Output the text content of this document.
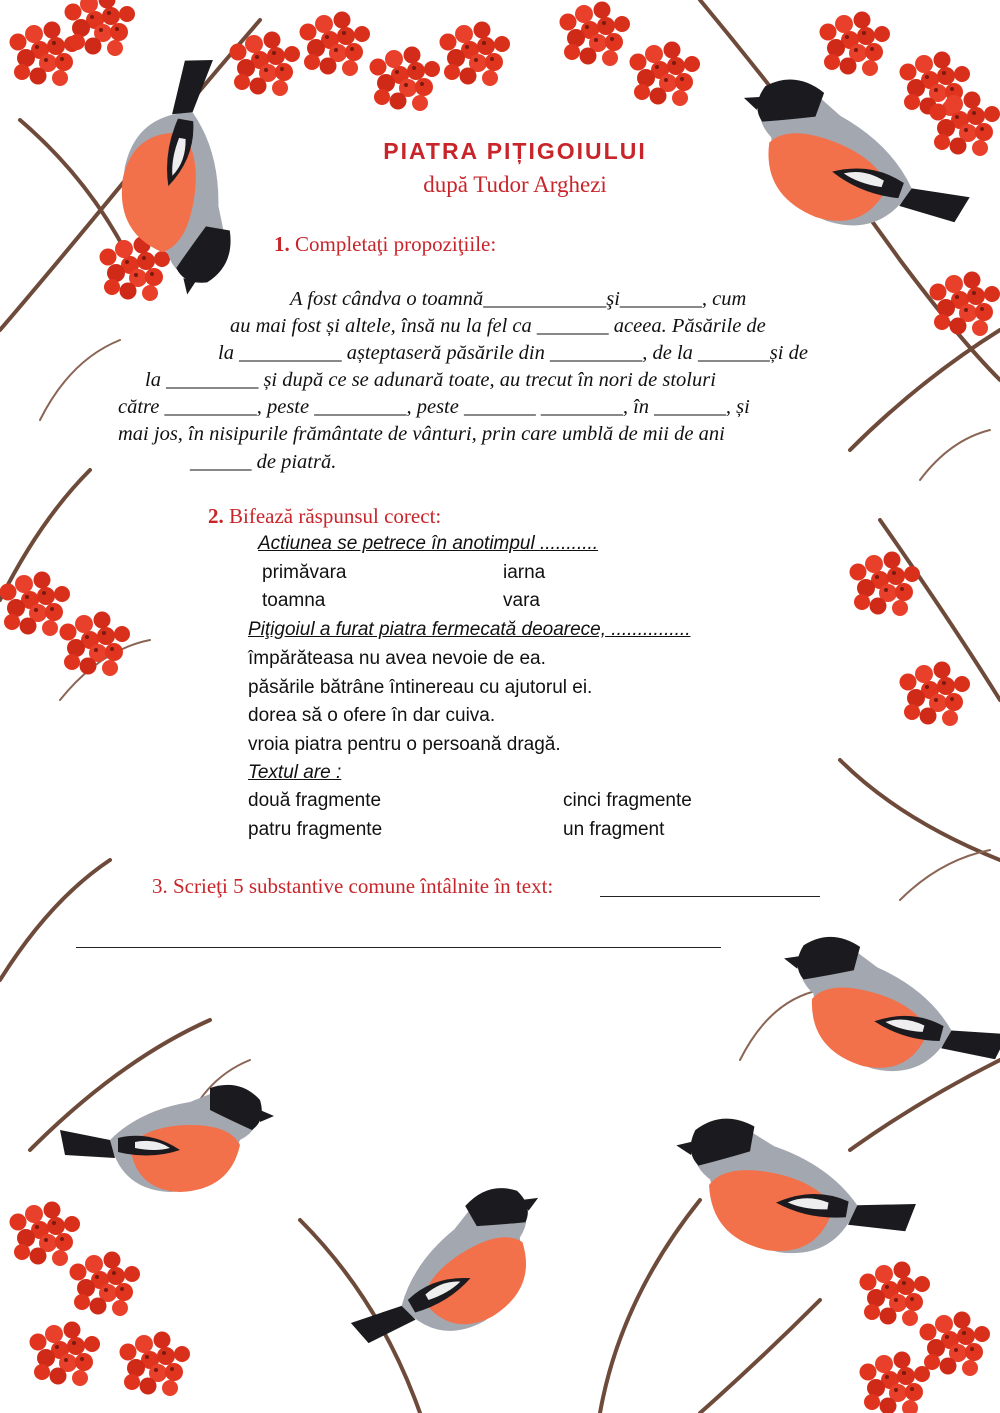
PIATRA PIȚIGOIULUI
după Tudor Arghezi
1. Completaţi propoziţiile:
A fost cândva o toamnă____________şi________, cum
au mai fost și altele, însă nu la fel ca _______ aceea. Păsările de
la __________ așteptaseră păsările din _________, de la _______și de
la _________ și după ce se adunară toate, au trecut în nori de stoluri
către _________, peste _________, peste _______ ________, în _______, și
mai jos, în nisipurile frământate de vânturi, prin care umblă de mii de ani
______ de piatră.
2. Bifează răspunsul corect:
Actiunea se petrece în anotimpul ...........
primăvara	iarna
toamna	vara
Piţigoiul a furat piatra fermecată deoarece, ...............
împărăteasa nu avea nevoie de ea.
păsările bătrâne întinereau cu ajutorul ei.
dorea să o ofere în dar cuiva.
vroia piatra pentru o persoană dragă.
Textul are :
două fragmente	cinci fragmente
patru fragmente	un fragment
3. Scrieţi 5 substantive comune întâlnite în text:
